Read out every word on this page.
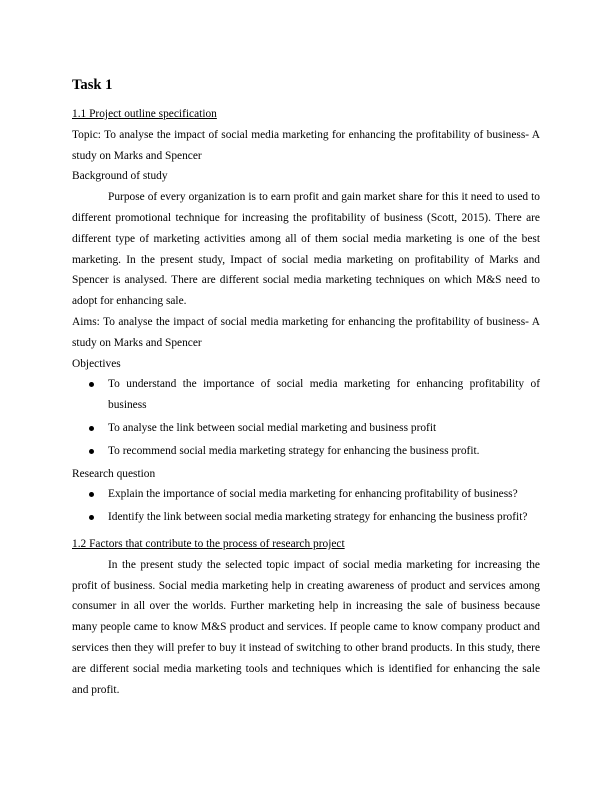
Task 1

1.1 Project outline specification

Topic: To analyse the impact of social media marketing for enhancing the profitability of business- A study on Marks and Spencer

Background of study

Purpose of every organization is to earn profit and gain market share for this it need to used to different promotional technique for increasing the profitability of business (Scott, 2015). There are different type of marketing activities among all of them social media marketing is one of the best marketing. In the present study, Impact of social media marketing on profitability of Marks and Spencer is analysed. There are different social media marketing techniques on which M&S need to adopt for enhancing sale.

Aims: To analyse the impact of social media marketing for enhancing the profitability of business- A study on Marks and Spencer

Objectives

To understand the importance of social media marketing for enhancing profitability of business
To analyse the link between social medial marketing and business profit
To recommend social media marketing strategy for enhancing the business profit.

Research question

Explain the importance of social media marketing for enhancing profitability of business?
Identify the link between social media marketing strategy for enhancing the business profit?

1.2 Factors that contribute to the process of research project

In the present study the selected topic impact of social media marketing for increasing the profit of business. Social media marketing help in creating awareness of product and services among consumer in all over the worlds. Further marketing help in increasing the sale of business because many people came to know M&S product and services. If people came to know company product and services then they will prefer to buy it instead of switching to other brand products. In this study, there are different social media marketing tools and techniques which is identified for enhancing the sale and profit.
